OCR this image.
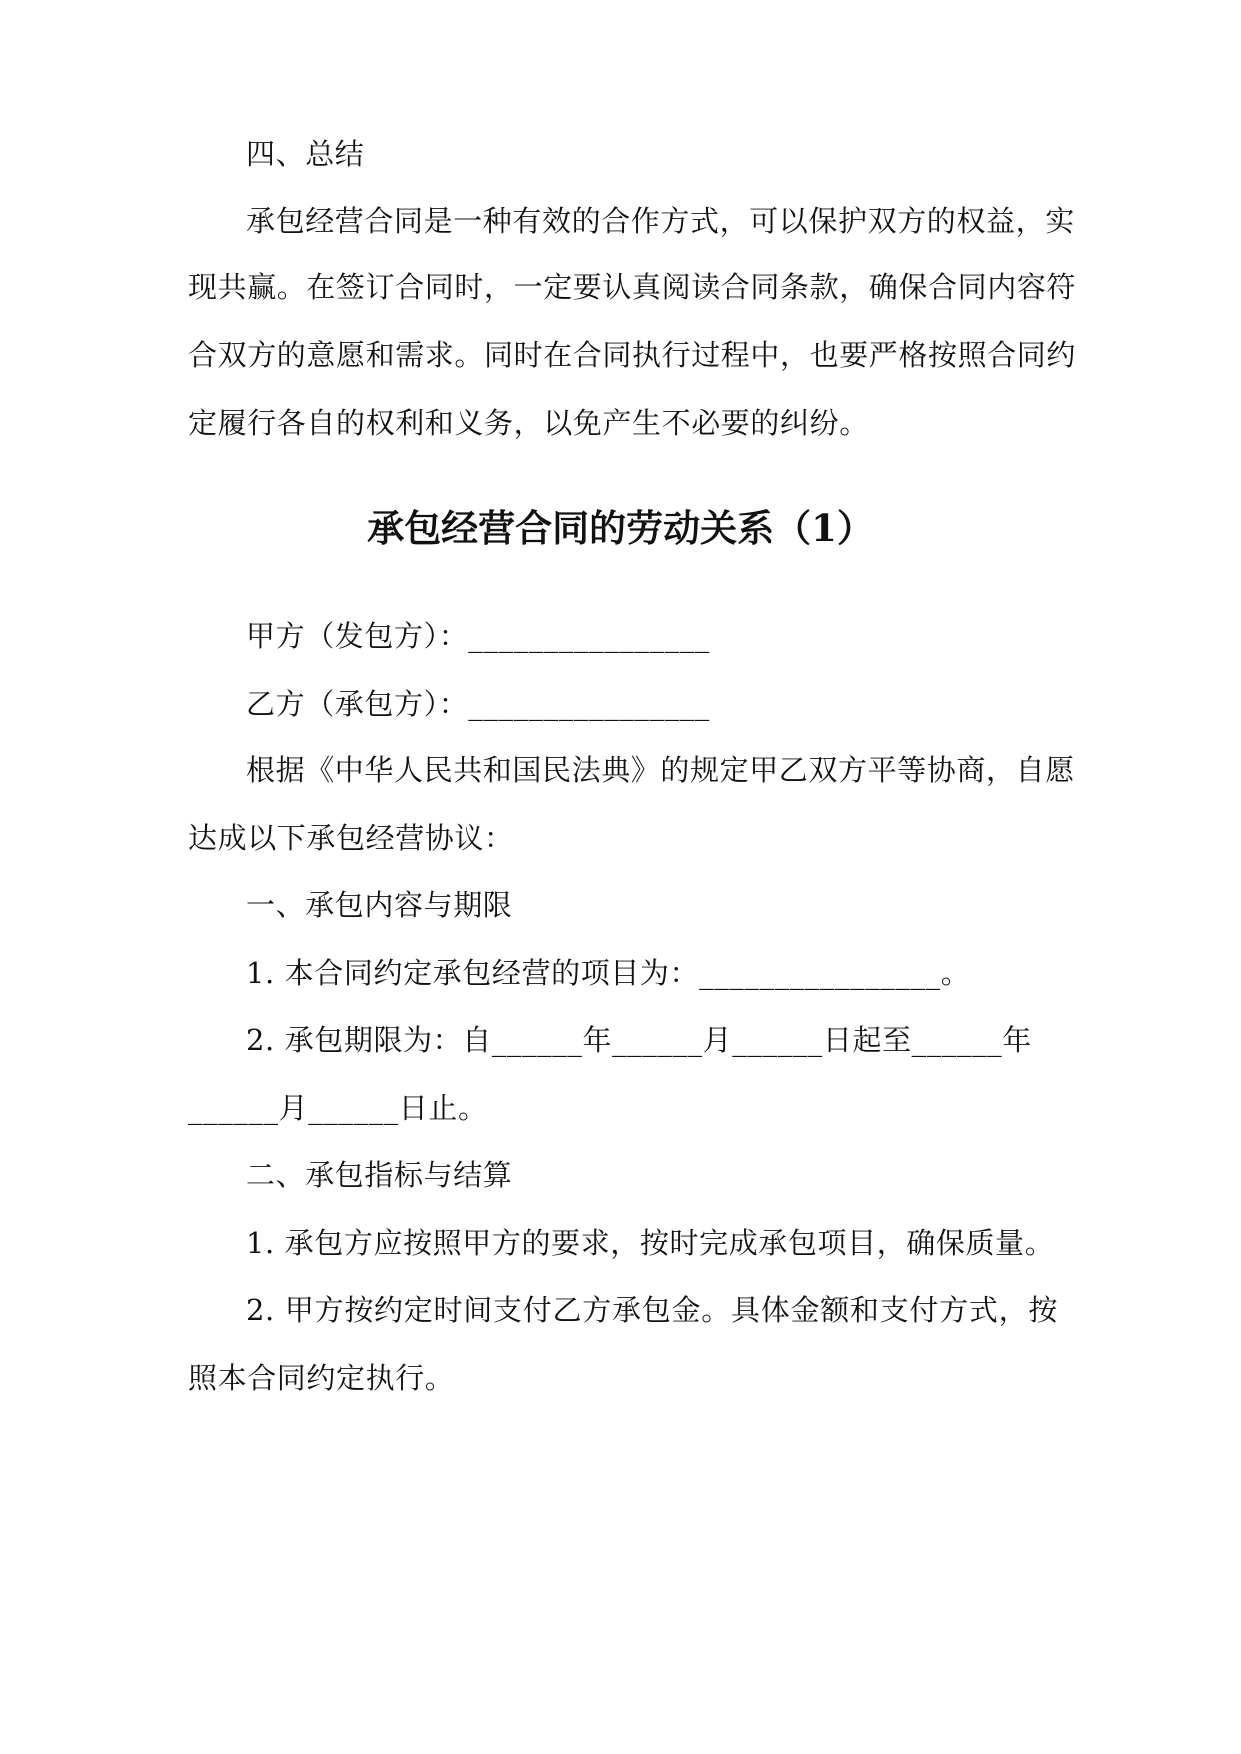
四、总结
承包经营合同是一种有效的合作方式，可以保护双方的权益，实
现共赢。在签订合同时，一定要认真阅读合同条款，确保合同内容符
合双方的意愿和需求。同时在合同执行过程中，也要严格按照合同约
定履行各自的权利和义务，以免产生不必要的纠纷。
承包经营合同的劳动关系（1）
甲方（发包方）：________________
乙方（承包方）：________________
根据《中华人民共和国民法典》的规定甲乙双方平等协商，自愿
达成以下承包经营协议：
一、承包内容与期限
1. 本合同约定承包经营的项目为：________________。
2. 承包期限为：自______年______月______日起至______年
______月______日止。
二、承包指标与结算
1. 承包方应按照甲方的要求，按时完成承包项目，确保质量。
2. 甲方按约定时间支付乙方承包金。具体金额和支付方式，按
照本合同约定执行。
